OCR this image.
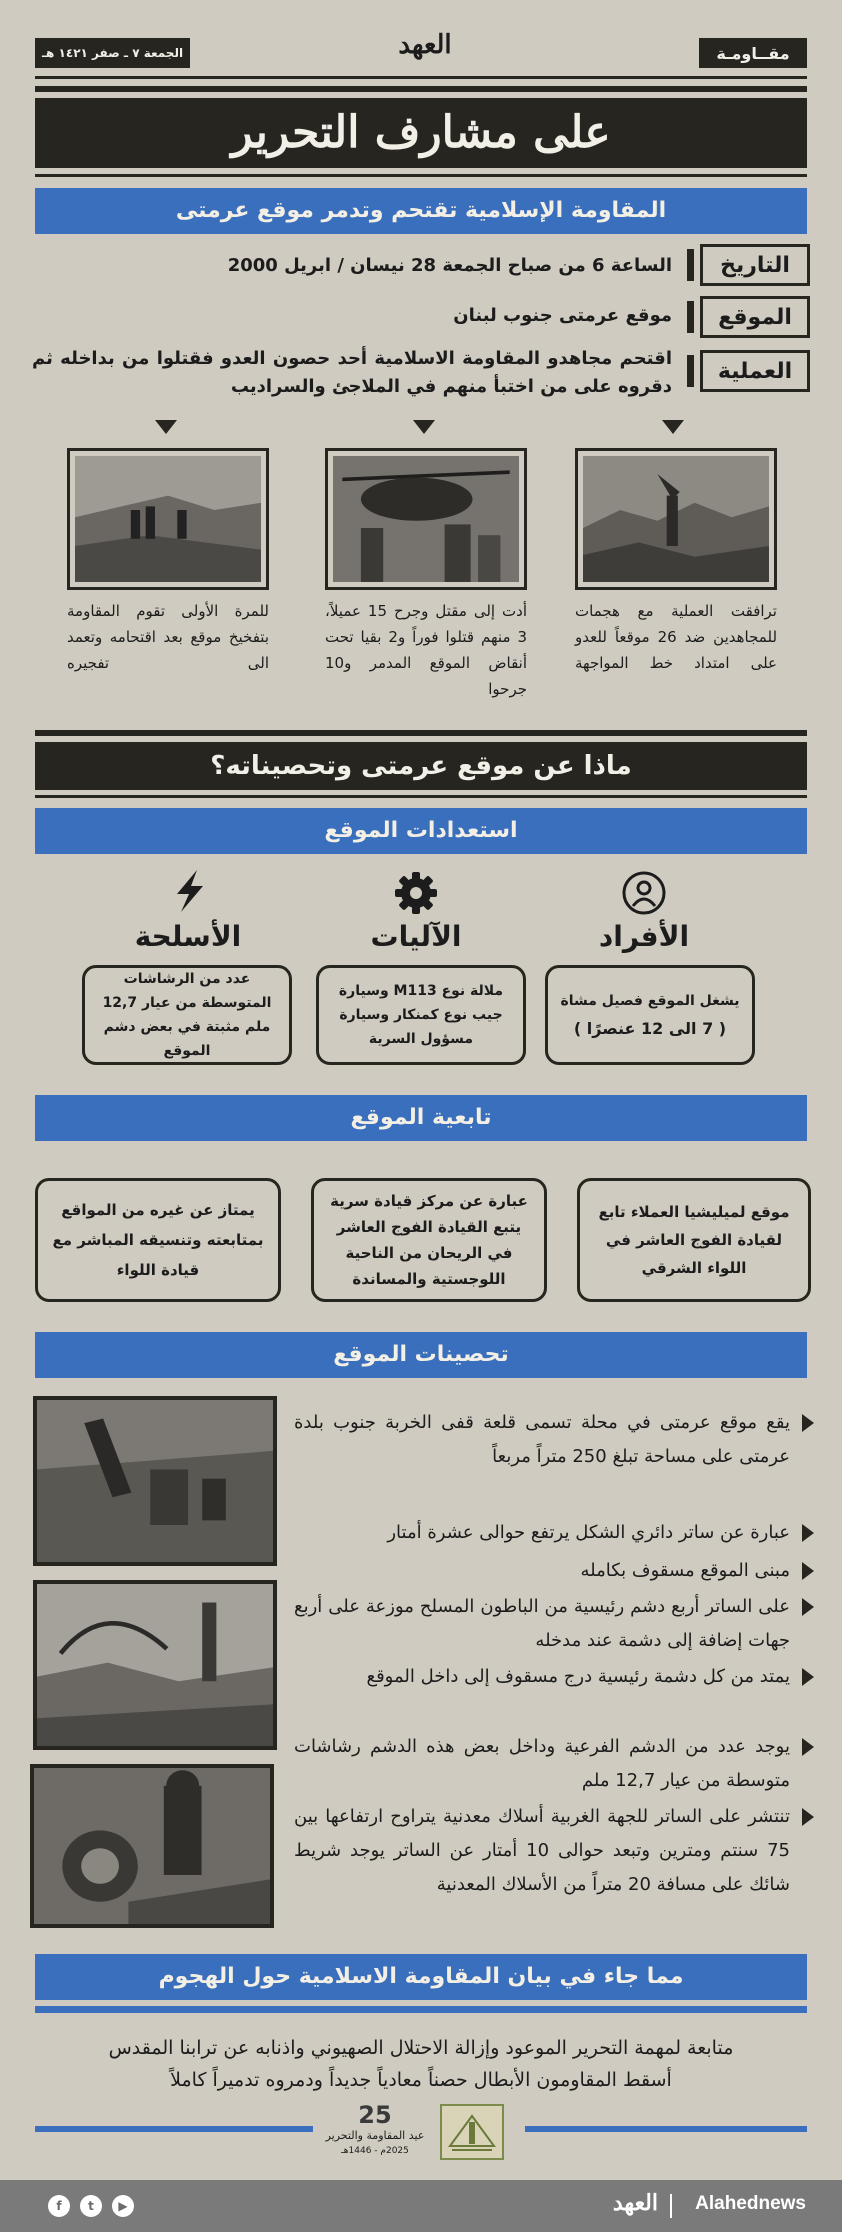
مقــاومـة
العهد
الجمعة ٧ ـ صفر ١٤٢١ هـ
على مشارف التحرير
المقاومة الإسلامية تقتحم وتدمر موقع عرمتى
التاريخ
الساعة 6 من صباح الجمعة 28 نيسان / ابريل 2000
الموقع
موقع عرمتى جنوب لبنان
العملية
اقتحم مجاهدو المقاومة الاسلامية أحد حصون العدو فقتلوا من بداخله ثم دقروه على من اختبأ منهم في الملاجئ والسراديب
ترافقت العملية مع هجمات للمجاهدين ضد 26 موقعاً للعدو على امتداد خط المواجهة
أدت إلى مقتل وجرح 15 عميلاً، 3 منهم قتلوا فوراً و2 بقيا تحت أنقاض الموقع المدمر و10 جرحوا
للمرة الأولى تقوم المقاومة بتفخيخ موقع بعد اقتحامه وتعمد الى تفجيره
ماذا عن موقع عرمتى وتحصيناته؟
استعدادات الموقع
الأفراد
الآليات
الأسلحة
يشغل الموقع فصيل مشاة
( 7 الى 12 عنصرًا )
ملالة نوع M113 وسيارة جيب نوع كمنكار وسيارة مسؤول السرية
عدد من الرشاشات المتوسطة من عيار 12,7 ملم مثبتة في بعض دشم الموقع
تابعية الموقع
موقع لميليشيا العملاء تابع لقيادة الفوج العاشر في اللواء الشرقي
عبارة عن مركز قيادة سرية يتبع القيادة الفوج العاشر في الريحان من الناحية اللوجستية والمساندة
يمتاز عن غيره من المواقع بمتابعته وتنسيقه المباشر مع قيادة اللواء
تحصينات الموقع
يقع موقع عرمتى في محلة تسمى قلعة قفى الخربة جنوب بلدة عرمتى على مساحة تبلغ 250 متراً مربعاً
عبارة عن ساتر دائري الشكل يرتفع حوالى عشرة أمتار
مبنى الموقع مسقوف بكامله
على الساتر أربع دشم رئيسية من الباطون المسلح موزعة على أربع جهات إضافة إلى دشمة عند مدخله
يمتد من كل دشمة رئيسية درج مسقوف إلى داخل الموقع
يوجد عدد من الدشم الفرعية وداخل بعض هذه الدشم رشاشات متوسطة من عيار 12,7 ملم
تنتشر على الساتر للجهة الغربية أسلاك معدنية يتراوح ارتفاعها بين 75 سنتم ومترين وتبعد حوالى 10 أمتار عن الساتر يوجد شريط شائك على مسافة 20 متراً من الأسلاك المعدنية
مما جاء في بيان المقاومة الاسلامية حول الهجوم
متابعة لمهمة التحرير الموعود وإزالة الاحتلال الصهيوني واذنابه عن ترابنا المقدس
أسقط المقاومون الأبطال حصناً معادياً جديداً ودمروه تدميراً كاملاً
25
عيد المقاومة والتحرير
2025م - 1446هـ
Alahednews
العهد
f	t	▶
